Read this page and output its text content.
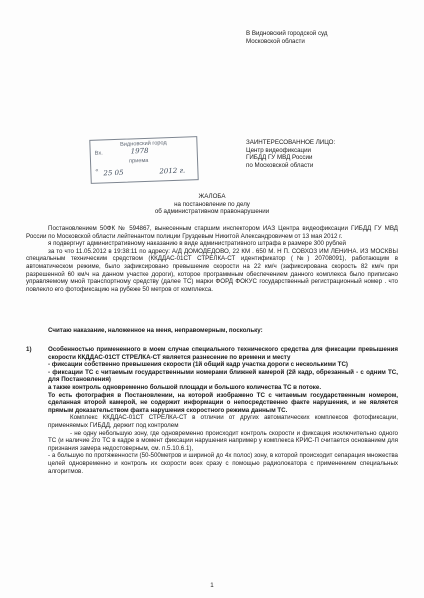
В Видновский городской суд
Московской области
Видновский город
Вх.	1978
приема
« 25 05	2012 г.
ЗАИНТЕРЕСОВАННОЕ ЛИЦО:
Центр видеофиксации
ГИБДД ГУ МВД России
по Московской области
ЖАЛОБА
на постановление по делу
об административном правонарушении

Постановлением 50ФК № 594867, вынесенным старшим инспектором ИАЗ Центра видеофиксации ГИБДД ГУ МВД России по Московской области лейтенантом полиции Груздевым Никитой Александровичем от 13 мая 2012 г.

я подвергнут административному наказанию в виде административного штрафа в размере 300 рублей

за то что 11.05.2012 в 19:38:11 по адресу: А/Д ДОМОДЕДОВО, 22 КМ . 650 М. Н П. СОВХОЗ ИМ ЛЕНИНА. ИЗ МОСКВЫ специальным техническим средством (ККДДАС-01СТ СТРЕЛКА-СТ идентификатор (№) 20708091), работающим в автоматическом режиме, было зафиксировано превышение скорости на 22 км/ч (зафиксирована скорость 82 км/ч при разрешенной 60 км/ч на данном участке дороги), которое программным обеспечением данного комплекса было приписано управляемому мной транспортному средству (далее ТС) марки ФОРД ФОКУС государственный регистрационный номер . что повлекло его фотофиксацию на рубеже 50 метров от комплекса.

Считаю наказание, наложенное на меня, неправомерным, поскольку:
1)	Особенностью примененного в моем случае специального технического средства для фиксации превышения скорости ККДДАС-01СТ СТРЕЛКА-СТ является разнесение по времени и месту

- фиксации собственно превышения скорости (1й общий кадр участка дороги с несколькими ТС)

- фиксации ТС с читаемым государственными номерами ближней камерой (2й кадр, обрезанный - с одним ТС, для Постановления)

а также контроль одновременно большой площади и большого количества ТС в потоке.

То есть фотография в Постановлении, на которой изображено ТС с читаемым государственным номером, сделанная второй камерой, не содержит информации о непосредственно факте нарушения, и не является прямым доказательством факта нарушения скоростного режима данным ТС.

Комплекс ККДДАС-01СТ СТРЕЛКА-СТ в отличии от других автоматических комплексов фотофиксации, применяемых ГИБДД, держит под контролем

- не одну небольшую зону, где одновременно происходит контроль скорости и фиксация исключительно одного ТС (и наличие 2го ТС в кадре в момент фиксации нарушения например у комплекса КРИС-П считается основанием для признания замера недостоверным, см. п.5.10.6.1),

- а большую по протяженности (50-500метров и шириной до 4х полос) зону, в которой происходит сепарация множества целей одновременно и контроль их скорости всех сразу с помощью радиолокатора с применением специальных алгоритмов.

1
